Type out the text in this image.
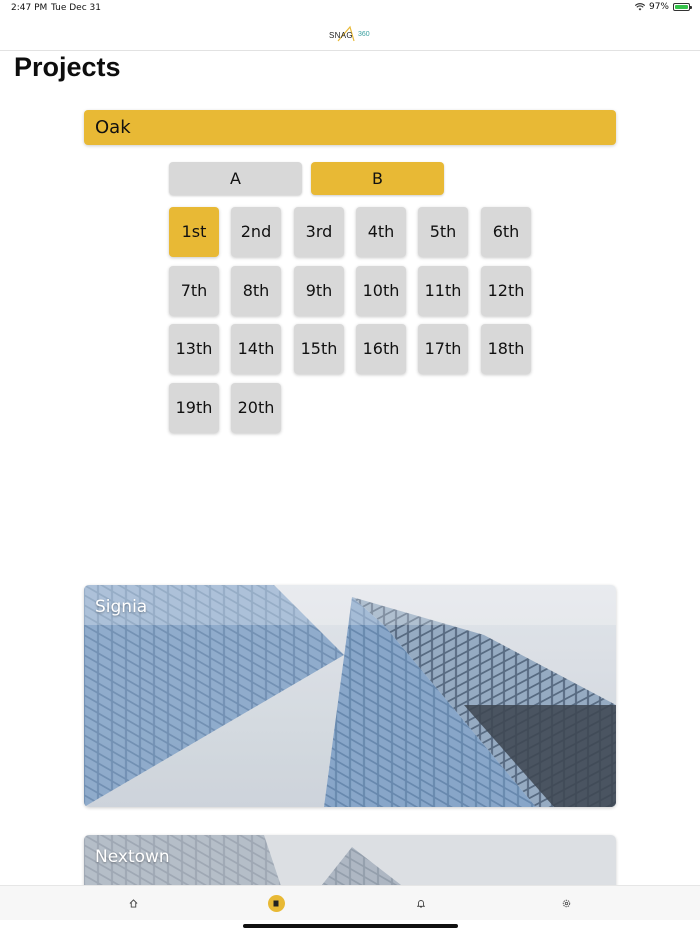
2:47 PM Tue Dec 31	97%
SNAG 360
Projects
Oak
A	B
1st	2nd	3rd	4th	5th	6th
7th	8th	9th	10th	11th	12th
13th	14th	15th	16th	17th	18th
19th	20th
Signia
Nextown
